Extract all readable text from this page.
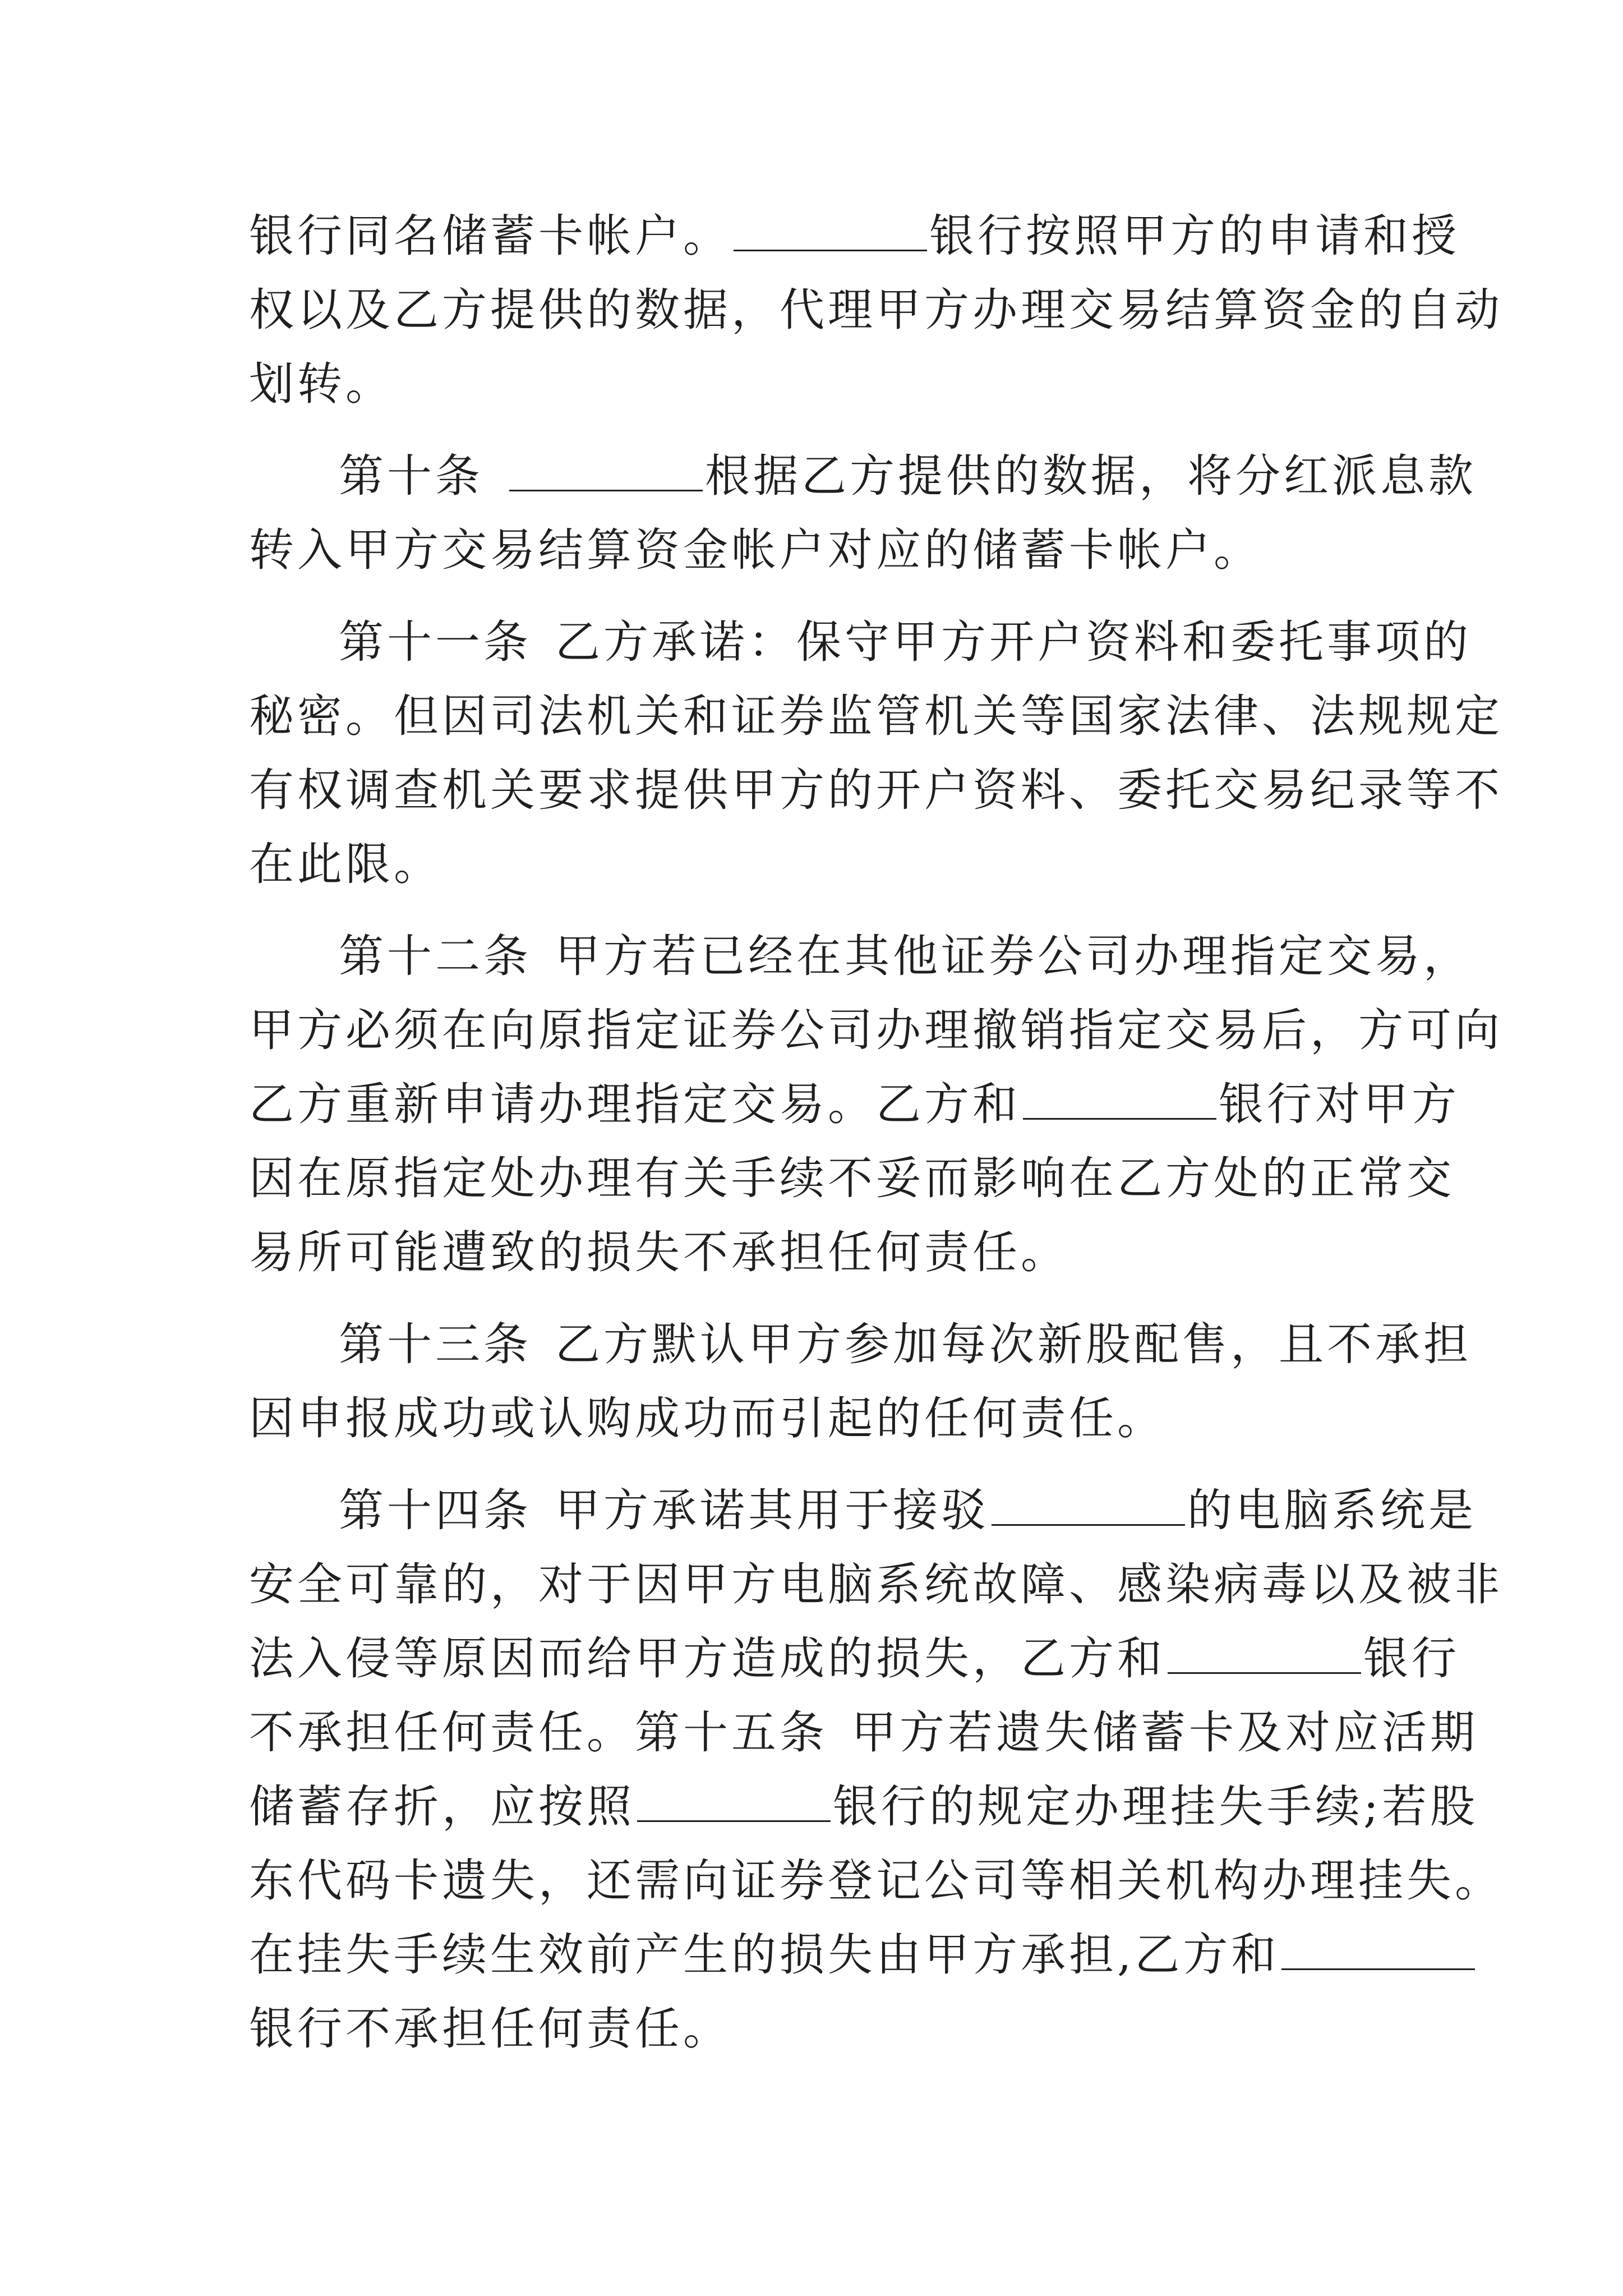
银行同名储蓄卡帐户。	银行按照甲方的申请和授
权以及乙方提供的数据，代理甲方办理交易结算资金的自动
划转。
第十条	根据乙方提供的数据，将分红派息款
转入甲方交易结算资金帐户对应的储蓄卡帐户。
第十一条 乙方承诺：保守甲方开户资料和委托事项的
秘密。但因司法机关和证券监管机关等国家法律、法规规定
有权调查机关要求提供甲方的开户资料、委托交易纪录等不
在此限。
第十二条 甲方若已经在其他证券公司办理指定交易，
甲方必须在向原指定证券公司办理撤销指定交易后，方可向
乙方重新申请办理指定交易。乙方和	银行对甲方
因在原指定处办理有关手续不妥而影响在乙方处的正常交
易所可能遭致的损失不承担任何责任。
第十三条 乙方默认甲方参加每次新股配售，且不承担
因申报成功或认购成功而引起的任何责任。
第十四条 甲方承诺其用于接驳	的电脑系统是
安全可靠的，对于因甲方电脑系统故障、感染病毒以及被非
法入侵等原因而给甲方造成的损失，乙方和	银行
不承担任何责任。第十五条 甲方若遗失储蓄卡及对应活期
储蓄存折，应按照	银行的规定办理挂失手续;若股
东代码卡遗失，还需向证券登记公司等相关机构办理挂失。
在挂失手续生效前产生的损失由甲方承担,乙方和
银行不承担任何责任。
